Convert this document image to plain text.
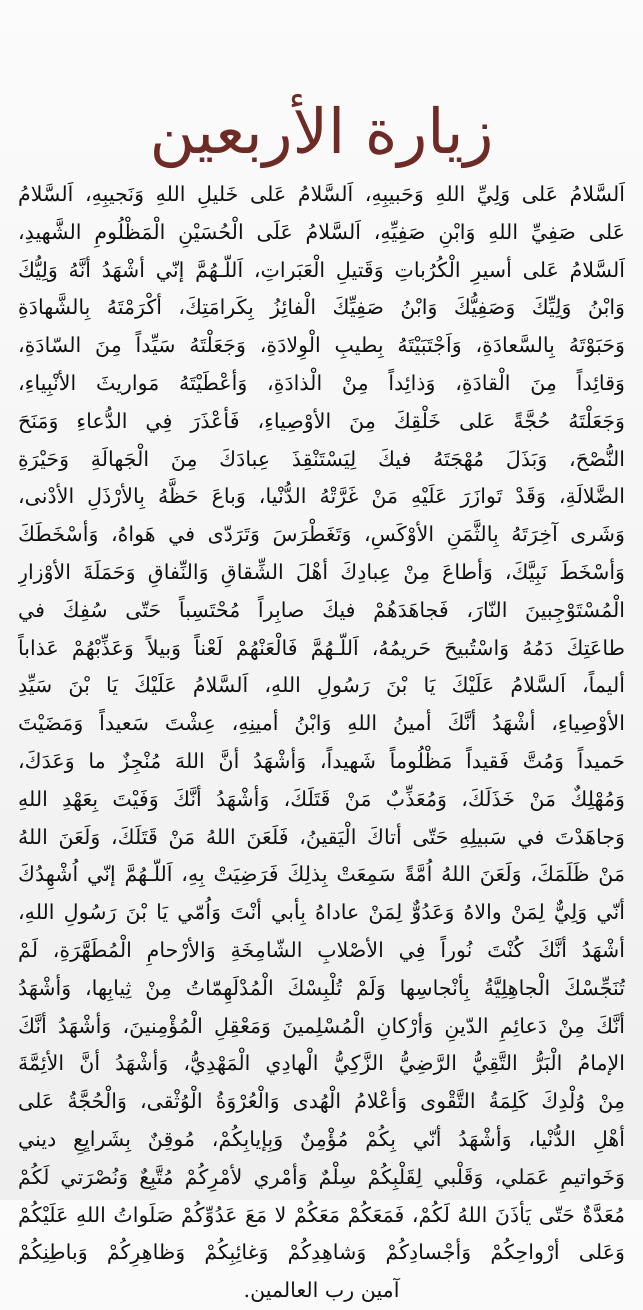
زيارة الأربعين
اَلسَّلامُ عَلى وَلِيِّ اللهِ وَحَبيبِهِ، اَلسَّلامُ عَلى خَليلِ اللهِ وَنَجيبِهِ، اَلسَّلامُ
عَلى صَفِيِّ اللهِ وَابْنِ صَفِيِّهِ، اَلسَّلامُ عَلَى الْحُسَيْنِ الْمَظْلُومِ الشَّهيدِ،
اَلسَّلامُ عَلى أسيرِ الْكُرُباتِ وَقَتيلِ الْعَبَراتِ، اَللّـهُمَّ إنّي أشْهَدُ أنَّهُ وَلِيُّكَ
وَابْنُ وَلِيِّكَ وَصَفِيُّكَ وَابْنُ صَفِيِّكَ الْفائِزُ بِكَرامَتِكَ، أكْرَمْتَهُ بِالشَّهادَةِ
وَحَبَوْتَهُ بِالسَّعادَةِ، وَاَجْتَبَيْتَهُ بِطيبِ الْوِلادَةِ، وَجَعَلْتَهُ سَيِّداً مِنَ السّادَةِ،
وَقائِداً مِنَ الْقادَةِ، وَذائِداً مِنْ الْذادَةِ، وَأعْطَيْتَهُ مَواريثَ الأنْبِياءِ،
وَجَعَلْتَهُ حُجَّةً عَلى خَلْقِكَ مِنَ الأوْصِياءِ، فَأعْذَرَ فِي الدُّعاءِ وَمَنَحَ
النُّصْحَ، وَبَذَلَ مُهْجَتَهُ فيكَ لِيَسْتَنْقِذَ عِبادَكَ مِنَ الْجَهالَةِ وَحَيْرَةِ
الضَّلالَةِ، وَقَدْ تَوازَرَ عَلَيْهِ مَنْ غَرَّتْهُ الدُّنْيا، وَباعَ حَظَّهُ بِالأرْذَلِ الأدْنى،
وَشَرى آخِرَتَهُ بِالثَّمَنِ الأوْكَسِ، وَتَغَطْرَسَ وَتَرَدّى في هَواهُ، وَأسْخَطَكَ
وَأسْخَطَ نَبِيَّكَ، وَأطاعَ مِنْ عِبادِكَ أهْلَ الشِّقاقِ وَالنِّفاقِ وَحَمَلَةَ الأوْزارِ
الْمُسْتَوْجِبينَ النّارَ، فَجاهَدَهُمْ فيكَ صابِراً مُحْتَسِباً حَتّى سُفِكَ في
طاعَتِكَ دَمُهُ وَاسْتُبيحَ حَريمُهُ، اَللّـهُمَّ فَالْعَنْهُمْ لَعْناً وَبيلاً وَعَذِّبْهُمْ عَذاباً
أليماً، اَلسَّلامُ عَلَيْكَ يَا بْنَ رَسُولِ اللهِ، اَلسَّلامُ عَلَيْكَ يَا بْنَ سَيِّدِ
الأوْصِياءِ، أشْهَدُ أنَّكَ أمينُ اللهِ وَابْنُ أمينِهِ، عِشْتَ سَعيداً وَمَضَيْتَ
حَميداً وَمُتَّ فَقيداً مَظْلُوماً شَهيداً، وَأشْهَدُ أنَّ اللهَ مُنْجِزٌ ما وَعَدَكَ،
وَمُهْلِكٌ مَنْ خَذَلَكَ، وَمُعَذِّبٌ مَنْ قَتَلَكَ، وَأشْهَدُ أنَّكَ وَفَيْتَ بِعَهْدِ اللهِ
وَجاهَدْتَ في سَبيلِهِ حَتّى أتاكَ الْيَقينُ، فَلَعَنَ اللهُ مَنْ قَتَلَكَ، وَلَعَنَ اللهُ
مَنْ ظَلَمَكَ، وَلَعَنَ اللهُ اُمَّةً سَمِعَتْ بِذلِكَ فَرَضِيَتْ بِهِ، اَللّـهُمَّ إنّي اُشْهِدُكَ
أنّي وَلِيٌّ لِمَنْ والاهُ وَعَدُوٌّ لِمَنْ عاداهُ بِأبي أنْتَ وَاُمّي يَا بْنَ رَسُولِ اللهِ،
أشْهَدُ أنَّكَ كُنْتَ نُوراً فِي الأصْلابِ الشّامِخَةِ وَالأرْحامِ الْمُطَهَّرَةِ، لَمْ
تُنَجِّسْكَ الْجاهِلِيَّةُ بِأنْجاسِها وَلَمْ تُلْبِسْكَ الْمُدْلَهِمّاتُ مِنْ ثِيابِها، وَأشْهَدُ
أنَّكَ مِنْ دَعائِمِ الدّينِ وَأرْكانِ الْمُسْلِمينَ وَمَعْقِلِ الْمُؤْمِنينَ، وَأشْهَدُ أنَّكَ
الإمامُ الْبَرُّ التَّقِيُّ الرَّضِيُّ الزَّكِيُّ الْهادِي الْمَهْدِيُّ، وَأشْهَدُ أنَّ الأئِمَّةَ
مِنْ وُلْدِكَ كَلِمَةُ التَّقْوى وَأعْلامُ الْهُدى وَالْعُرْوَةُ الْوُثْقى، وَالْحُجَّةُ عَلى
أهْلِ الدُّنْيا، وَأشْهَدُ أنّي بِكُمْ مُؤْمِنٌ وَبِإيابِكُمْ، مُوقِنٌ بِشَرايِعِ ديني
وَخَواتيمِ عَمَلي، وَقَلْبي لِقَلْبِكُمْ سِلْمٌ وَأمْري لأمْرِكُمْ مُتَّبِعٌ وَنُصْرَتي لَكُمْ
مُعَدَّةٌ حَتّى يَأذَنَ اللهُ لَكُمْ، فَمَعَكُمْ مَعَكُمْ لا مَعَ عَدُوِّكُمْ صَلَواتُ اللهِ عَلَيْكُمْ
وَعَلى أرْواحِكُمْ وَأجْسادِكُمْ وَشاهِدِكُمْ وَغائِبِكُمْ وَظاهِرِكُمْ وَباطِنِكُمْ
آمين رب العالمين.
